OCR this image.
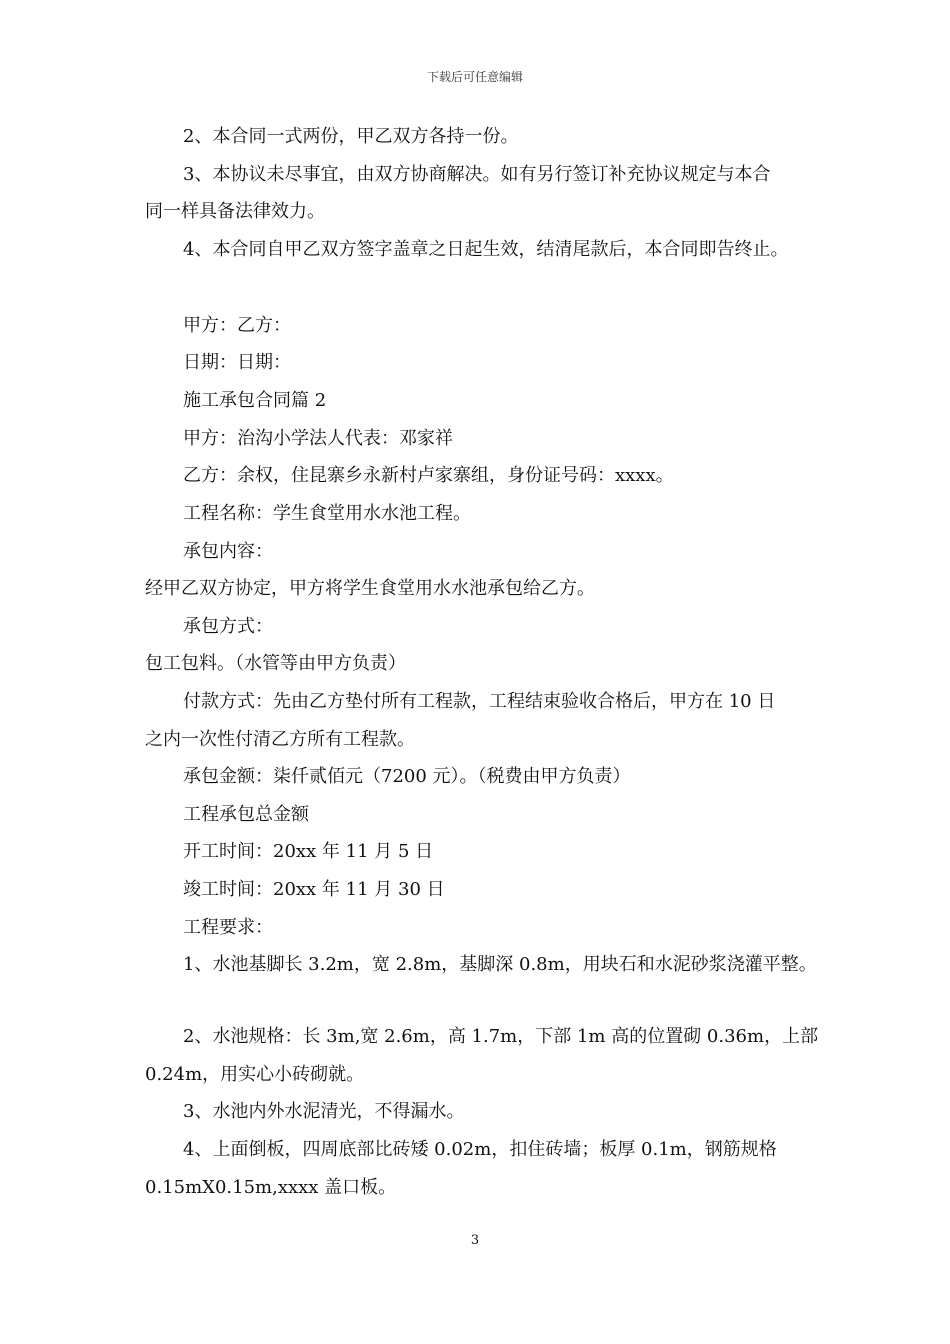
下载后可任意编辑
2、本合同一式两份，甲乙双方各持一份。
3、本协议未尽事宜，由双方协商解决。如有另行签订补充协议规定与本合
同一样具备法律效力。
4、本合同自甲乙双方签字盖章之日起生效，结清尾款后，本合同即告终止。
甲方：乙方：
日期：日期：
施工承包合同篇 2
甲方：治沟小学法人代表：邓家祥
乙方：余权，住昆寨乡永新村卢家寨组，身份证号码：xxxx。
工程名称：学生食堂用水水池工程。
承包内容：
经甲乙双方协定，甲方将学生食堂用水水池承包给乙方。
承包方式：
包工包料。（水管等由甲方负责）
付款方式：先由乙方垫付所有工程款，工程结束验收合格后，甲方在 10 日
之内一次性付清乙方所有工程款。
承包金额：柒仟贰佰元（7200 元）。（税费由甲方负责）
工程承包总金额
开工时间：20xx 年 11 月 5 日
竣工时间：20xx 年 11 月 30 日
工程要求：
1、水池基脚长 3.2m，宽 2.8m，基脚深 0.8m，用块石和水泥砂浆浇灌平整。
2、水池规格：长 3m,宽 2.6m，高 1.7m，下部 1m 高的位置砌 0.36m，上部
0.24m，用实心小砖砌就。
3、水池内外水泥清光，不得漏水。
4、上面倒板，四周底部比砖矮 0.02m，扣住砖墙；板厚 0.1m，钢筋规格
0.15mX0.15m,xxxx 盖口板。
3
